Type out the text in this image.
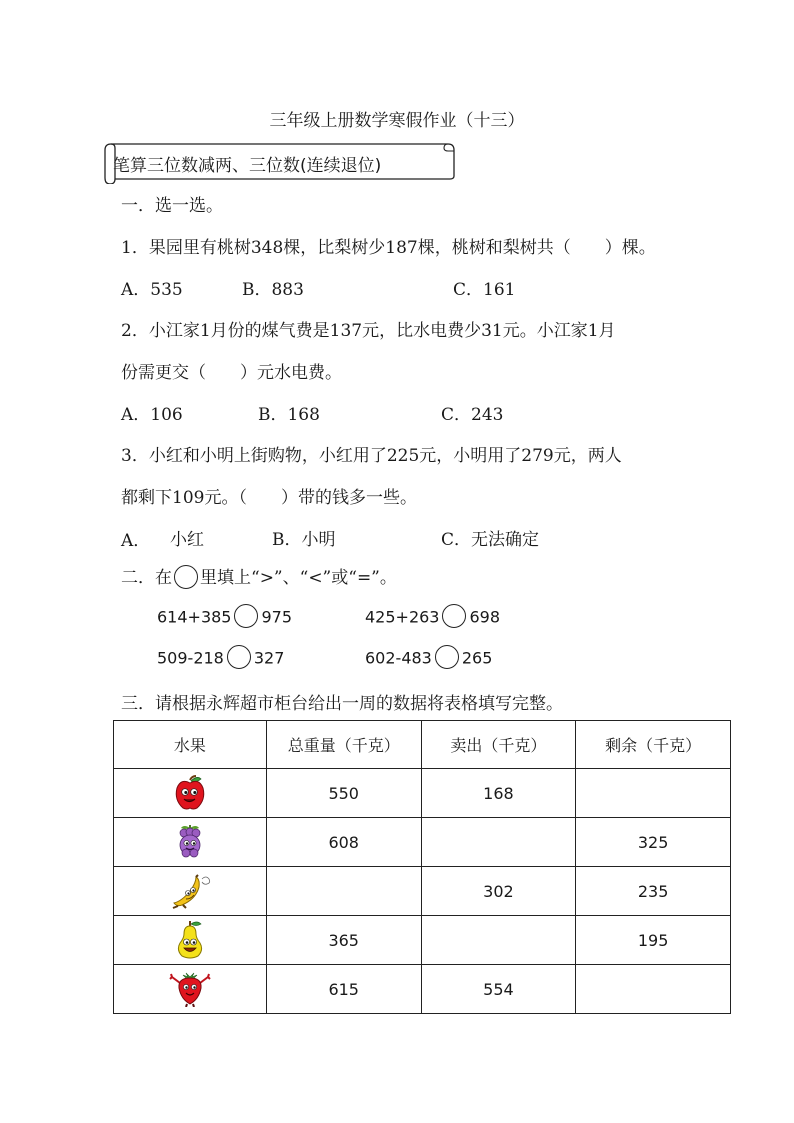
三年级上册数学寒假作业（十三）
笔算三位数减两、三位数(连续退位)
一．选一选。
1．果园里有桃树348棵，比梨树少187棵，桃树和梨树共（　　）棵。
A．535	B．883	C．161
2．小江家1月份的煤气费是137元，比水电费少31元。小江家1月
份需更交（　　）元水电费。
A．106	B．168	C．243
3．小红和小明上街购物，小红用了225元，小明用了279元，两人
都剩下109元。（　　）带的钱多一些。
A． 小红	B．小明	C．无法确定
二．在 里填上“>”、“<”或“=”。
614+385 975	425+263 698
509-218 327	602-483 265
三．请根据永辉超市柜台给出一周的数据将表格填写完整。
水果	总重量（千克）	卖出（千克）	剩余（千克）

	550	168	

	608		325

		302	235

	365		195

	615	554	
